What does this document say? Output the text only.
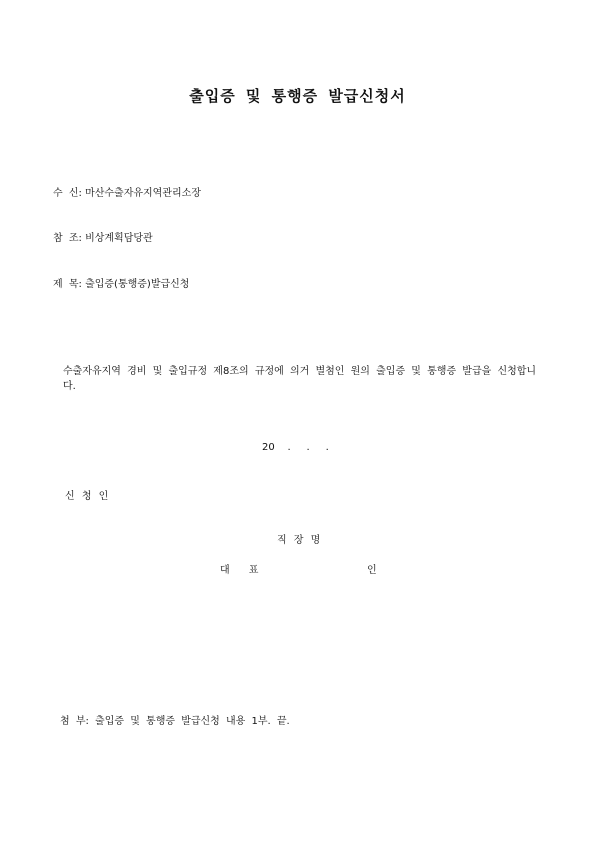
출입증 및 통행증 발급신청서
수 신: 마산수출자유지역관리소장
참 조: 비상계획담당관
제 목: 출입증(통행증)발급신청
수출자유지역 경비 및 출입규정 제8조의 규정에 의거 별첨인 원의 출입증 및 통행증 발급을 신청합니다.
20    .     .     .
신 청 인
직 장 명
대      표	인
첨 부: 출입증 및 통행증 발급신청 내용 1부. 끝.
